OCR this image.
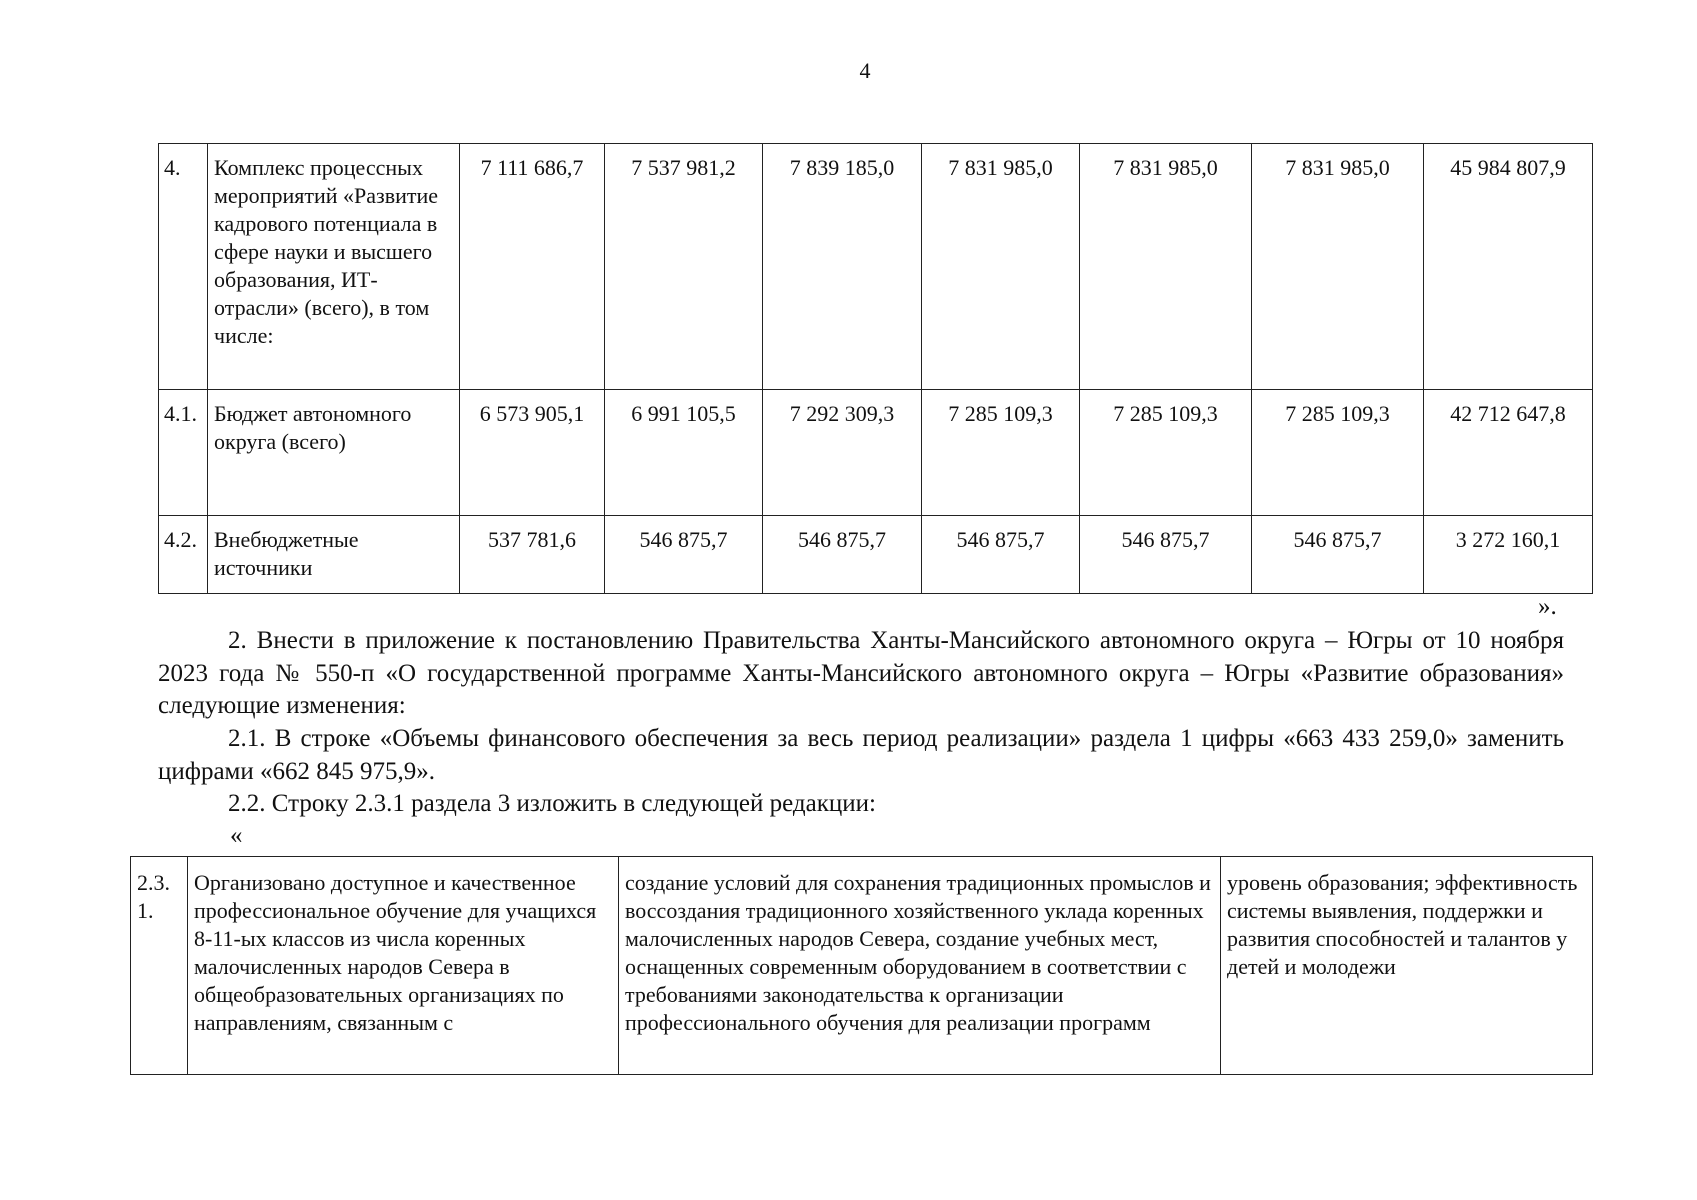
4
4.	Комплекс процессных мероприятий «Развитие кадрового потенциала в сфере науки и высшего образования, ИТ-отрасли» (всего), в том числе:	7 111 686,7	7 537 981,2	7 839 185,0	7 831 985,0	7 831 985,0	7 831 985,0	45 984 807,9
4.1.	Бюджет автономного округа (всего)	6 573 905,1	6 991 105,5	7 292 309,3	7 285 109,3	7 285 109,3	7 285 109,3	42 712 647,8
4.2.	Внебюджетные источники	537 781,6	546 875,7	546 875,7	546 875,7	546 875,7	546 875,7	3 272 160,1
».

2. Внести в приложение к постановлению Правительства Ханты-Мансийского автономного округа – Югры от 10 ноября 2023 года № 550-п «О государственной программе Ханты-Мансийского автономного округа – Югры «Развитие образования» следующие изменения:

2.1. В строке «Объемы финансового обеспечения за весь период реализации» раздела 1 цифры «663 433 259,0» заменить цифрами «662 845 975,9».

2.2. Строку 2.3.1 раздела 3 изложить в следующей редакции:

«
2.3. 1.	Организовано доступное и качественное профессиональное обучение для учащихся 8-11-ых классов из числа коренных малочисленных народов Севера в общеобразовательных организациях по направлениям, связанным с	создание условий для сохранения традиционных промыслов и воссоздания традиционного хозяйственного уклада коренных малочисленных народов Севера, создание учебных мест, оснащенных современным оборудованием в соответствии с требованиями законодательства к организации профессионального обучения для реализации программ	уровень образования; эффективность системы выявления, поддержки и развития способностей и талантов у детей и молодежи
